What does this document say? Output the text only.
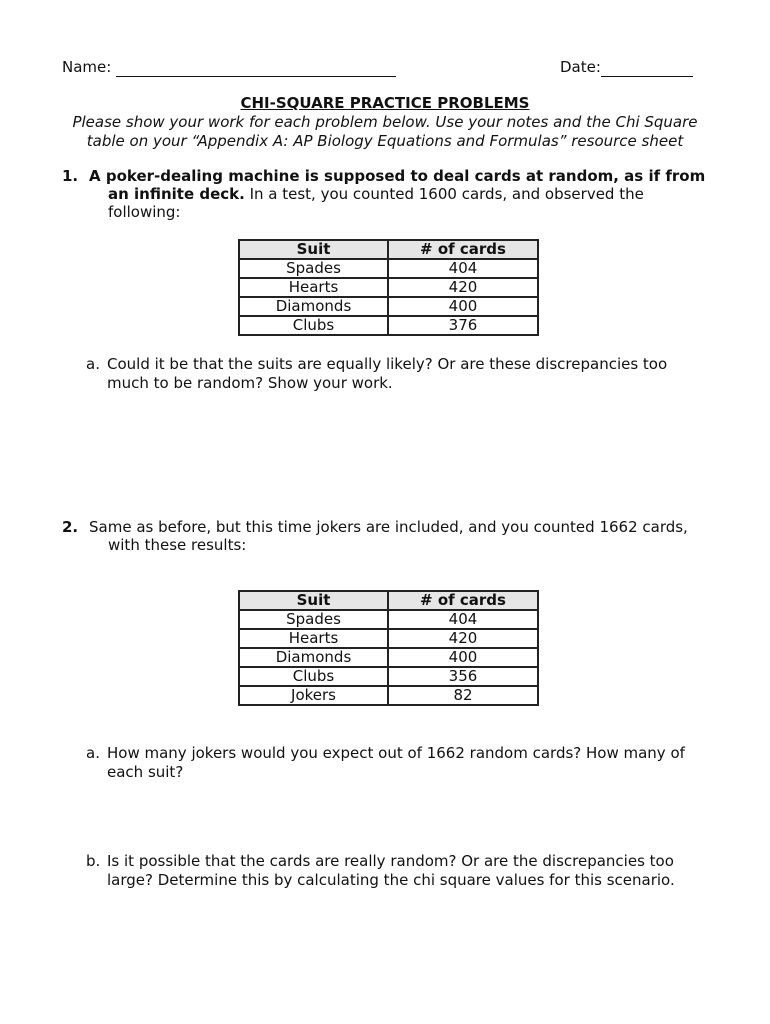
Name:	Date:
CHI-SQUARE PRACTICE PROBLEMS
Please show your work for each problem below. Use your notes and the Chi Square
table on your “Appendix A: AP Biology Equations and Formulas” resource sheet
1. A poker-dealing machine is supposed to deal cards at random, as if from
an infinite deck. In a test, you counted 1600 cards, and observed the
following:
Suit	# of cards
Spades	404
Hearts	420
Diamonds	400
Clubs	376
a. Could it be that the suits are equally likely? Or are these discrepancies too
much to be random? Show your work.
2. Same as before, but this time jokers are included, and you counted 1662 cards,
with these results:
Suit	# of cards
Spades	404
Hearts	420
Diamonds	400
Clubs	356
Jokers	82
a. How many jokers would you expect out of 1662 random cards? How many of
each suit?
b. Is it possible that the cards are really random? Or are the discrepancies too
large? Determine this by calculating the chi square values for this scenario.
